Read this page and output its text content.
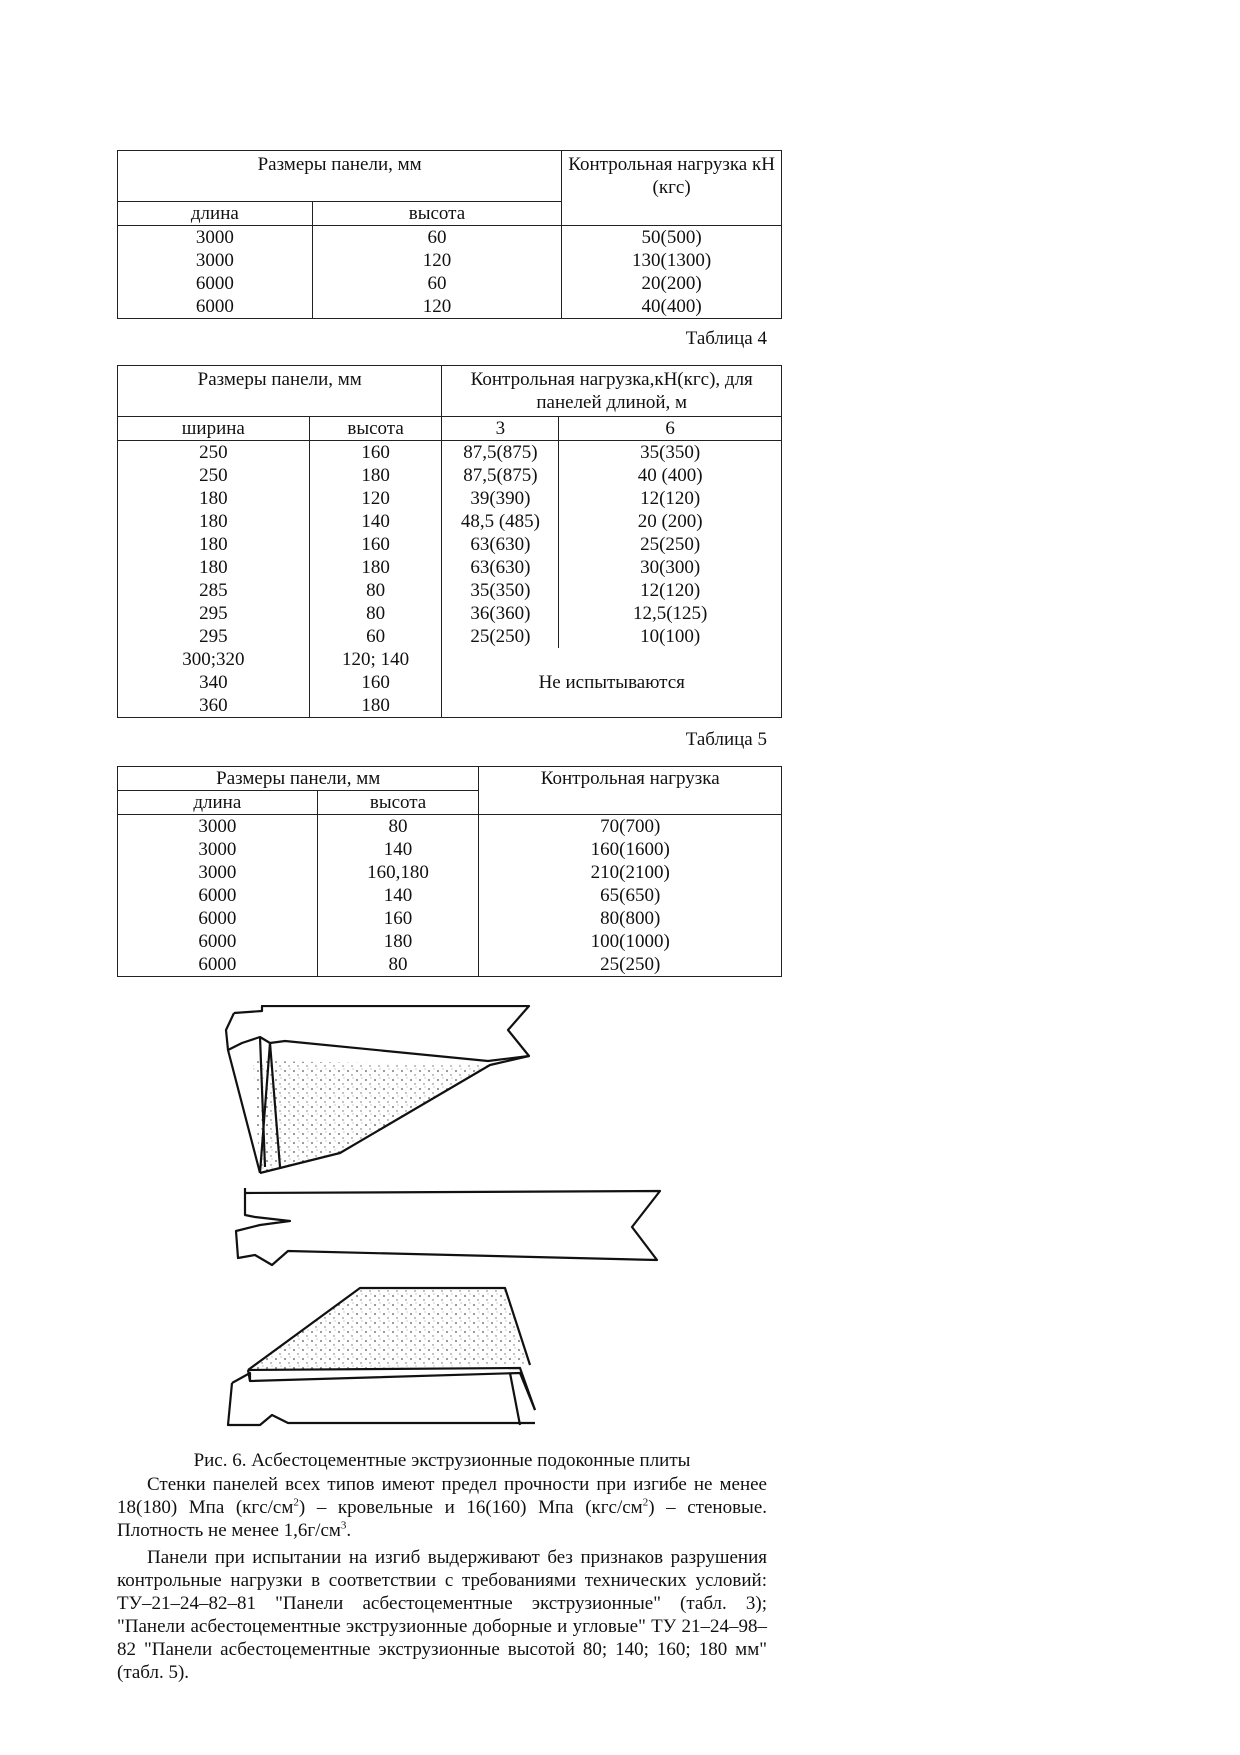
Размеры панели, мм		Контрольная нагрузка кН (кгс)
длина	высота	
3000	60	50(500)
3000	120	130(1300)
6000	60	20(200)
6000	120	40(400)
Таблица 4
Размеры панели, мм		Контрольная нагрузка,кН(кгс), для панелей длиной, м	
ширина	высота	3	6
250	160	87,5(875)	35(350)
250	180	87,5(875)	40 (400)
180	120	39(390)	12(120)
180	140	48,5 (485)	20 (200)
180	160	63(630)	25(250)
180	180	63(630)	30(300)
285	80	35(350)	12(120)
295	80	36(360)	12,5(125)
295	60	25(250)	10(100)
300;320	120; 140	Не испытываются	
340	160		
360	180		
Таблица 5
Размеры панели, мм		Контрольная нагрузка
длина	высота	
3000	80	70(700)
3000	140	160(1600)
3000	160,180	210(2100)
6000	140	65(650)
6000	160	80(800)
6000	180	100(1000)
6000	80	25(250)
Рис. 6. Асбестоцементные экструзионные подоконные плиты

Стенки панелей всех типов имеют предел прочности при изгибе не менее 18(180) Мпа $(кгс/см^2)$ – кровельные и 16(160) Мпа $(кгс/см^2)$ – стеновые. Плотность не менее $1,6г/см^3$.

Панели при испытании на изгиб выдерживают без признаков разрушения контрольные нагрузки в соответствии с требованиями технических условий: ТУ–21–24–82–81 "Панели асбестоцементные экструзионные" (табл. 3); "Панели асбестоцементные экструзионные доборные и угловые" ТУ 21–24–98–82 "Панели асбестоцементные экструзионные высотой 80; 140; 160; 180 мм" (табл. 5).
